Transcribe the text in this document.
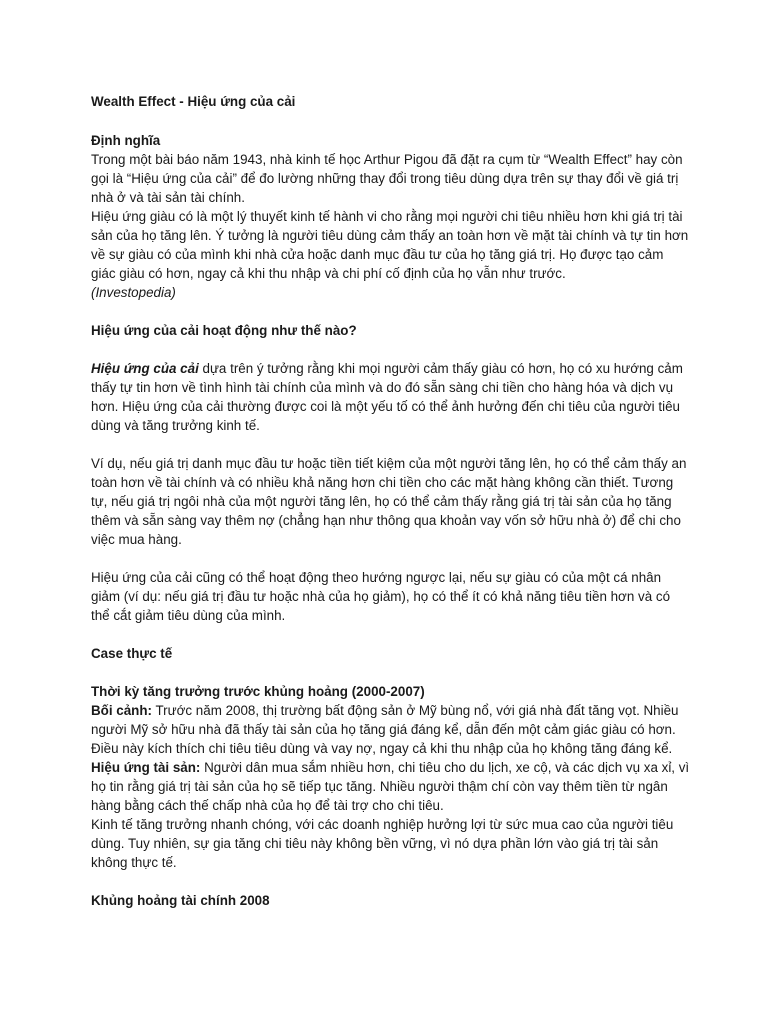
Wealth Effect - Hiệu ứng của cải

Định nghĩa

Trong một bài báo năm 1943, nhà kinh tế học Arthur Pigou đã đặt ra cụm từ “Wealth Effect” hay còn gọi là “Hiệu ứng của cải” để đo lường những thay đổi trong tiêu dùng dựa trên sự thay đổi về giá trị nhà ở và tài sản tài chính.

Hiệu ứng giàu có là một lý thuyết kinh tế hành vi cho rằng mọi người chi tiêu nhiều hơn khi giá trị tài sản của họ tăng lên. Ý tưởng là người tiêu dùng cảm thấy an toàn hơn về mặt tài chính và tự tin hơn về sự giàu có của mình khi nhà cửa hoặc danh mục đầu tư của họ tăng giá trị. Họ được tạo cảm giác giàu có hơn, ngay cả khi thu nhập và chi phí cố định của họ vẫn như trước.

(Investopedia)

Hiệu ứng của cải hoạt động như thế nào?

Hiệu ứng của cải dựa trên ý tưởng rằng khi mọi người cảm thấy giàu có hơn, họ có xu hướng cảm thấy tự tin hơn về tình hình tài chính của mình và do đó sẵn sàng chi tiền cho hàng hóa và dịch vụ hơn. Hiệu ứng của cải thường được coi là một yếu tố có thể ảnh hưởng đến chi tiêu của người tiêu dùng và tăng trưởng kinh tế.

Ví dụ, nếu giá trị danh mục đầu tư hoặc tiền tiết kiệm của một người tăng lên, họ có thể cảm thấy an toàn hơn về tài chính và có nhiều khả năng hơn chi tiền cho các mặt hàng không cần thiết. Tương tự, nếu giá trị ngôi nhà của một người tăng lên, họ có thể cảm thấy rằng giá trị tài sản của họ tăng thêm và sẵn sàng vay thêm nợ (chẳng hạn như thông qua khoản vay vốn sở hữu nhà ở) để chi cho việc mua hàng.

Hiệu ứng của cải cũng có thể hoạt động theo hướng ngược lại, nếu sự giàu có của một cá nhân giảm (ví dụ: nếu giá trị đầu tư hoặc nhà của họ giảm), họ có thể ít có khả năng tiêu tiền hơn và có thể cắt giảm tiêu dùng của mình.

Case thực tế

Thời kỳ tăng trưởng trước khủng hoảng (2000-2007)

Bối cảnh: Trước năm 2008, thị trường bất động sản ở Mỹ bùng nổ, với giá nhà đất tăng vọt. Nhiều người Mỹ sở hữu nhà đã thấy tài sản của họ tăng giá đáng kể, dẫn đến một cảm giác giàu có hơn. Điều này kích thích chi tiêu tiêu dùng và vay nợ, ngay cả khi thu nhập của họ không tăng đáng kể.

Hiệu ứng tài sản: Người dân mua sắm nhiều hơn, chi tiêu cho du lịch, xe cộ, và các dịch vụ xa xỉ, vì họ tin rằng giá trị tài sản của họ sẽ tiếp tục tăng. Nhiều người thậm chí còn vay thêm tiền từ ngân hàng bằng cách thế chấp nhà của họ để tài trợ cho chi tiêu.

Kinh tế tăng trưởng nhanh chóng, với các doanh nghiệp hưởng lợi từ sức mua cao của người tiêu dùng. Tuy nhiên, sự gia tăng chi tiêu này không bền vững, vì nó dựa phần lớn vào giá trị tài sản không thực tế.

Khủng hoảng tài chính 2008
